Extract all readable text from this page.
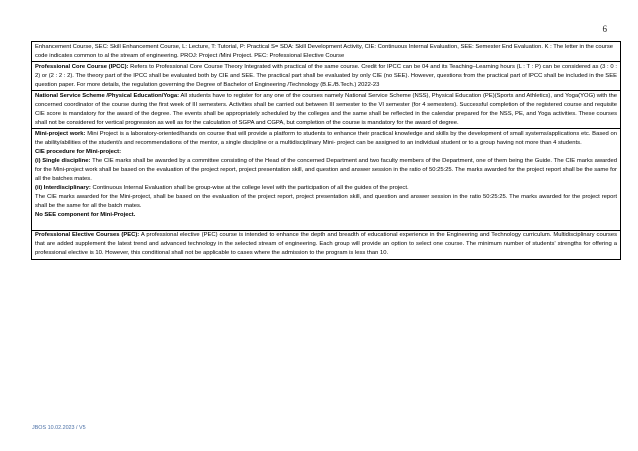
6

Enhancement Course, SEC: Skill Enhancement Course, L: Lecture, T: Tutorial, P: Practical S= SDA: Skill Development Activity, CIE: Continuous Internal Evaluation, SEE: Semester End Evaluation. K : The letter in the course code indicates common to al the stream of engineering. PROJ: Project /Mini Project. PEC: Professional Elective Course

Professional Core Course (IPCC): Refers to Professional Core Course Theory Integrated with practical of the same course. Credit for IPCC can be 04 and its Teaching–Learning hours (L : T : P) can be considered as (3 : 0 : 2) or (2 : 2 : 2). The theory part of the IPCC shall be evaluated both by CIE and SEE. The practical part shall be evaluated by only CIE (no SEE). However, questions from the practical part of IPCC shall be included in the SEE question paper. For more details, the regulation governing the Degree of Bachelor of Engineering /Technology (B.E./B.Tech.) 2022-23

National Service Scheme /Physical Education/Yoga: All students have to register for any one of the courses namely National Service Scheme (NSS), Physical Education (PE)(Sports and Athletics), and Yoga(YOG) with the concerned coordinator of the course during the first week of III semesters. Activities shall be carried out between III semester to the VI semester (for 4 semesters). Successful completion of the registered course and requisite CIE score is mandatory for the award of the degree. The events shall be appropriately scheduled by the colleges and the same shall be reflected in the calendar prepared for the NSS, PE, and Yoga activities. These courses shall not be considered for vertical progression as well as for the calculation of SGPA and CGPA, but completion of the course is mandatory for the award of degree.

Mini-project work: Mini Project is a laboratory-oriented/hands on course that will provide a platform to students to enhance their practical knowledge and skills by the development of small systems/applications etc. Based on the ability/abilities of the student/s and recommendations of the mentor, a single discipline or a multidisciplinary Mini- project can be assigned to an individual student or to a group having not more than 4 students.

CIE procedure for Mini-project:

(i) Single discipline: The CIE marks shall be awarded by a committee consisting of the Head of the concerned Department and two faculty members of the Department, one of them being the Guide. The CIE marks awarded for the Mini-project work shall be based on the evaluation of the project report, project presentation skill, and question and answer session in the ratio of 50:25:25. The marks awarded for the project report shall be the same for all the batches mates.

(ii) Interdisciplinary: Continuous Internal Evaluation shall be group-wise at the college level with the participation of all the guides of the project.

The CIE marks awarded for the Mini-project, shall be based on the evaluation of the project report, project presentation skill, and question and answer session in the ratio 50:25:25. The marks awarded for the project report shall be the same for all the batch mates.

No SEE component for Mini-Project.

Professional Elective Courses (PEC): A professional elective (PEC) course is intended to enhance the depth and breadth of educational experience in the Engineering and Technology curriculum. Multidisciplinary courses that are added supplement the latest trend and advanced technology in the selected stream of engineering. Each group will provide an option to select one course. The minimum number of students' strengths for offering a professional elective is 10. However, this conditional shall not be applicable to cases where the admission to the program is less than 10.

JBOS 10.02.2023 / V5
